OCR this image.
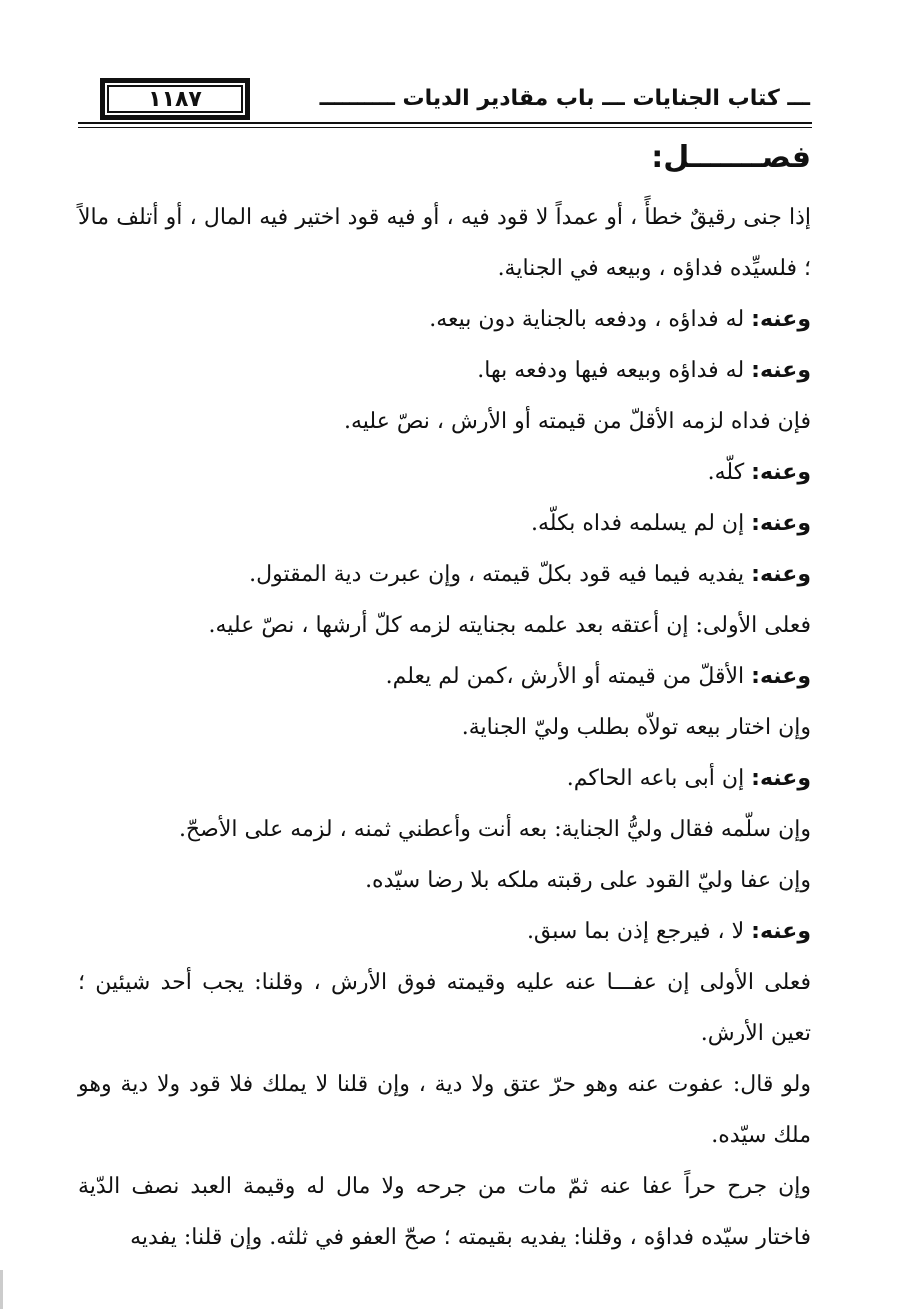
١١٨٧	ـــ كتاب الجنايات ـــ باب مقادير الديات ــــــــــ
فصـــــــل:

إذا جنى رقيقٌ خطأً ، أو عمداً لا قود فيه ، أو فيه قود اختير فيه المال ، أو أتلف مالاً ؛ فلسيِّده فداؤه ، وبيعه في الجناية.

وعنه: له فداؤه ، ودفعه بالجناية دون بيعه.

وعنه: له فداؤه وبيعه فيها ودفعه بها.

فإن فداه لزمه الأقلّ من قيمته أو الأرش ، نصّ عليه.

وعنه: كلّه.

وعنه: إن لم يسلمه فداه بكلّه.

وعنه: يفديه فيما فيه قود بكلّ قيمته ، وإن عبرت دية المقتول.

فعلى الأولى: إن أعتقه بعد علمه بجنايته لزمه كلّ أرشها ، نصّ عليه.

وعنه: الأقلّ من قيمته أو الأرش ،كمن لم يعلم.

وإن اختار بيعه تولاّه بطلب وليّ الجناية.

وعنه: إن أبى باعه الحاكم.

وإن سلّمه فقال وليُّ الجناية: بعه أنت وأعطني ثمنه ، لزمه على الأصحّ.

وإن عفا وليّ القود على رقبته ملكه بلا رضا سيّده.

وعنه: لا ، فيرجع إذن بما سبق.

فعلى الأولى إن عفـــا عنه عليه وقيمته فوق الأرش ، وقلنا: يجب أحد شيئين ؛ تعين الأرش.

ولو قال: عفوت عنه وهو حرّ عتق ولا دية ، وإن قلنا لا يملك فلا قود ولا دية وهو ملك سيّده.

وإن جرح حراً عفا عنه ثمّ مات من جرحه ولا مال له وقيمة العبد نصف الدّية فاختار سيّده فداؤه ، وقلنا: يفديه بقيمته ؛ صحّ العفو في ثلثه. وإن قلنا: يفديه
